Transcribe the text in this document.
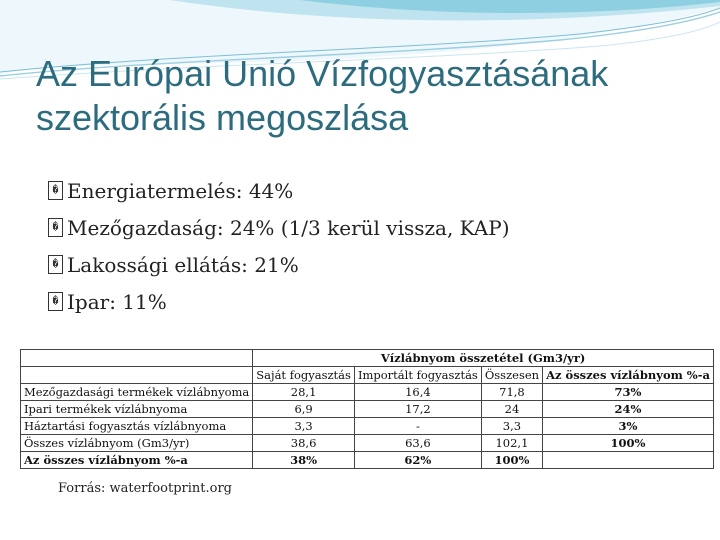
Az Európai Unió Vízfogyasztásának
szektorális megoszlása
� Energiatermelés: 44%
� Mezőgazdaság: 24% (1/3 kerül vissza, KAP)
� Lakossági ellátás: 21%
� Ipar: 11%
	Vízlábnyom összetétel (Gm3/yr)			
	Saját fogyasztás	Importált fogyasztás	Összesen	Az összes vízlábnyom %-a
Mezőgazdasági termékek vízlábnyoma	28,1	16,4	71,8	73%
Ipari termékek vízlábnyoma	6,9	17,2	24	24%
Háztartási fogyasztás vízlábnyoma	3,3	-	3,3	3%
Összes vízlábnyom (Gm3/yr)	38,6	63,6	102,1	100%
Az összes vízlábnyom %-a	38%	62%	100%	
Forrás: waterfootprint.org
